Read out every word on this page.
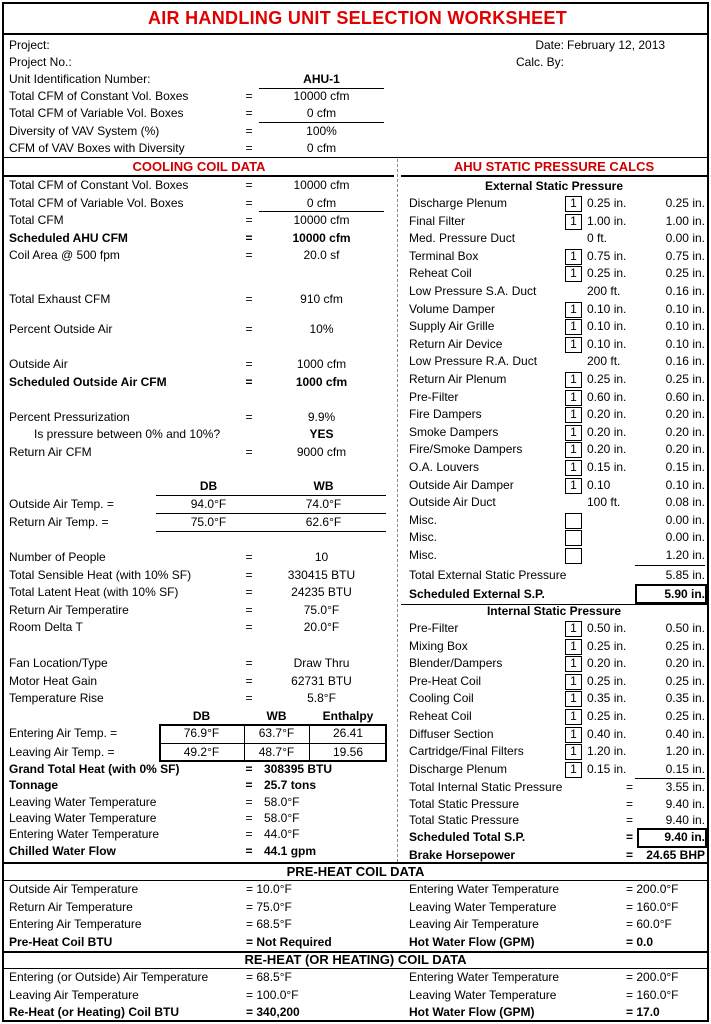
AIR HANDLING UNIT SELECTION WORKSHEET
Project:
Project No.:
Date: February 12, 2013
Calc. By:
Unit Identification Number:	AHU-1
Total CFM of Constant Vol. Boxes	=	10000 cfm
Total CFM of Variable Vol. Boxes	=	0 cfm
Diversity of VAV System (%)	=	100%
CFM of VAV Boxes with Diversity	=	0 cfm
COOLING COIL DATA	AHU STATIC PRESSURE CALCS
Total CFM of Constant Vol. Boxes	=	10000 cfm
Total CFM of Variable Vol. Boxes	=	0 cfm
Total CFM	=	10000 cfm
Scheduled AHU CFM	=	10000 cfm
Coil Area @ 500 fpm	=	20.0 sf
Total Exhaust CFM	=	910 cfm
Percent Outside Air	=	10%
Outside Air	=	1000 cfm
Scheduled Outside Air CFM	=	1000 cfm
Percent Pressurization	=	9.9%
Is pressure between 0% and 10%?	YES
Return Air CFM	=	9000 cfm
DB	WB
Outside Air Temp. =	94.0°F	74.0°F
Return Air Temp. =	75.0°F	62.6°F
Number of People	=	10
Total Sensible Heat (with 10% SF)	=	330415 BTU
Total Latent Heat (with 10% SF)	=	24235 BTU
Return Air Temperatire	=	75.0°F
Room Delta T	=	20.0°F
Fan Location/Type	=	Draw Thru
Motor Heat Gain	=	62731 BTU
Temperature Rise	=	5.8°F
DB	WB	Enthalpy
Entering Air Temp. =	76.9°F	63.7°F	26.41
Leaving Air Temp. =	49.2°F	48.7°F	19.56
Grand Total Heat (with 0% SF)	= 308395 BTU
Tonnage	= 25.7 tons
Leaving Water Temperature	= 58.0°F
Leaving Water Temperature	= 58.0°F
Entering Water Temperature	= 44.0°F
Chilled Water Flow	= 44.1 gpm
External Static Pressure
Discharge Plenum	1 0.25 in.	0.25 in.
Final Filter	1 1.00 in.	1.00 in.
Med. Pressure Duct	0 ft.	0.00 in.
Terminal Box	1 0.75 in.	0.75 in.
Reheat Coil	1 0.25 in.	0.25 in.
Low Pressure S.A. Duct	200 ft.	0.16 in.
Volume Damper	1 0.10 in.	0.10 in.
Supply Air Grille	1 0.10 in.	0.10 in.
Return Air Device	1 0.10 in.	0.10 in.
Low Pressure R.A. Duct	200 ft.	0.16 in.
Return Air Plenum	1 0.25 in.	0.25 in.
Pre-Filter	1 0.60 in.	0.60 in.
Fire Dampers	1 0.20 in.	0.20 in.
Smoke Dampers	1 0.20 in.	0.20 in.
Fire/Smoke Dampers	1 0.20 in.	0.20 in.
O.A. Louvers	1 0.15 in.	0.15 in.
Outside Air Damper	1 0.10	0.10 in.
Outside Air Duct	100 ft.	0.08 in.
Misc.	0.00 in.
Misc.	0.00 in.
Misc.	1.20 in.
Total External Static Pressure	5.85 in.
Scheduled External S.P.	5.90 in.
Internal Static Pressure
Pre-Filter	1 0.50 in.	0.50 in.
Mixing Box	1 0.25 in.	0.25 in.
Blender/Dampers	1 0.20 in.	0.20 in.
Pre-Heat Coil	1 0.25 in.	0.25 in.
Cooling Coil	1 0.35 in.	0.35 in.
Reheat Coil	1 0.25 in.	0.25 in.
Diffuser Section	1 0.40 in.	0.40 in.
Cartridge/Final Filters	1 1.20 in.	1.20 in.
Discharge Plenum	1 0.15 in.	0.15 in.
Total Internal Static Pressure	=	3.55 in.
Total Static Pressure	=	9.40 in.
Total Static Pressure	=	9.40 in.
Scheduled Total S.P.	=	9.40 in.
Brake Horsepower	=	24.65 BHP
PRE-HEAT COIL DATA
Outside Air Temperature	= 10.0°F
Return Air Temperature	= 75.0°F
Entering Air Temperature	= 68.5°F
Pre-Heat Coil BTU	= Not Required
Entering Water Temperature	= 200.0°F
Leaving Water Temperature	= 160.0°F
Leaving Air Temperature	= 60.0°F
Hot Water Flow (GPM)	= 0.0
RE-HEAT (OR HEATING) COIL DATA
Entering (or Outside) Air Temperature	= 68.5°F
Leaving Air Temperature	= 100.0°F
Re-Heat (or Heating) Coil BTU	= 340,200
Entering Water Temperature	= 200.0°F
Leaving Water Temperature	= 160.0°F
Hot Water Flow (GPM)	= 17.0
